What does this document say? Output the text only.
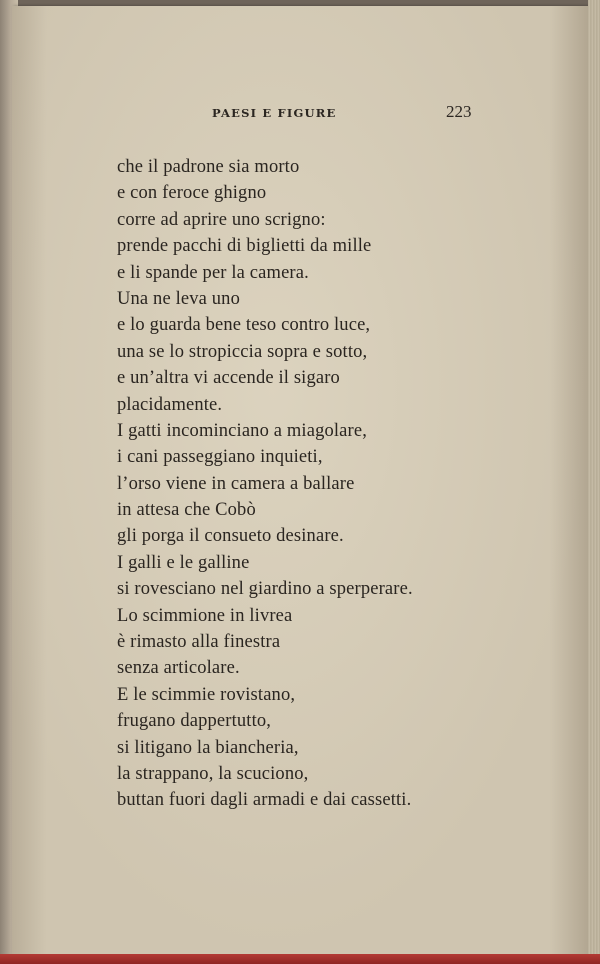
PAESI E FIGURE	223
che il padrone sia morto
e con feroce ghigno
corre ad aprire uno scrigno:
prende pacchi di biglietti da mille
e li spande per la camera.
Una ne leva uno
e lo guarda bene teso contro luce,
una se lo stropiccia sopra e sotto,
e un’altra vi accende il sigaro
placidamente.
I gatti incominciano a miagolare,
i cani passeggiano inquieti,
l’orso viene in camera a ballare
in attesa che Cobò
gli porga il consueto desinare.
I galli e le galline
si rovesciano nel giardino a sperperare.
Lo scimmione in livrea
è rimasto alla finestra
senza articolare.
E le scimmie rovistano,
frugano dappertutto,
si litigano la biancheria,
la strappano, la scuciono,
buttan fuori dagli armadi e dai cassetti.
